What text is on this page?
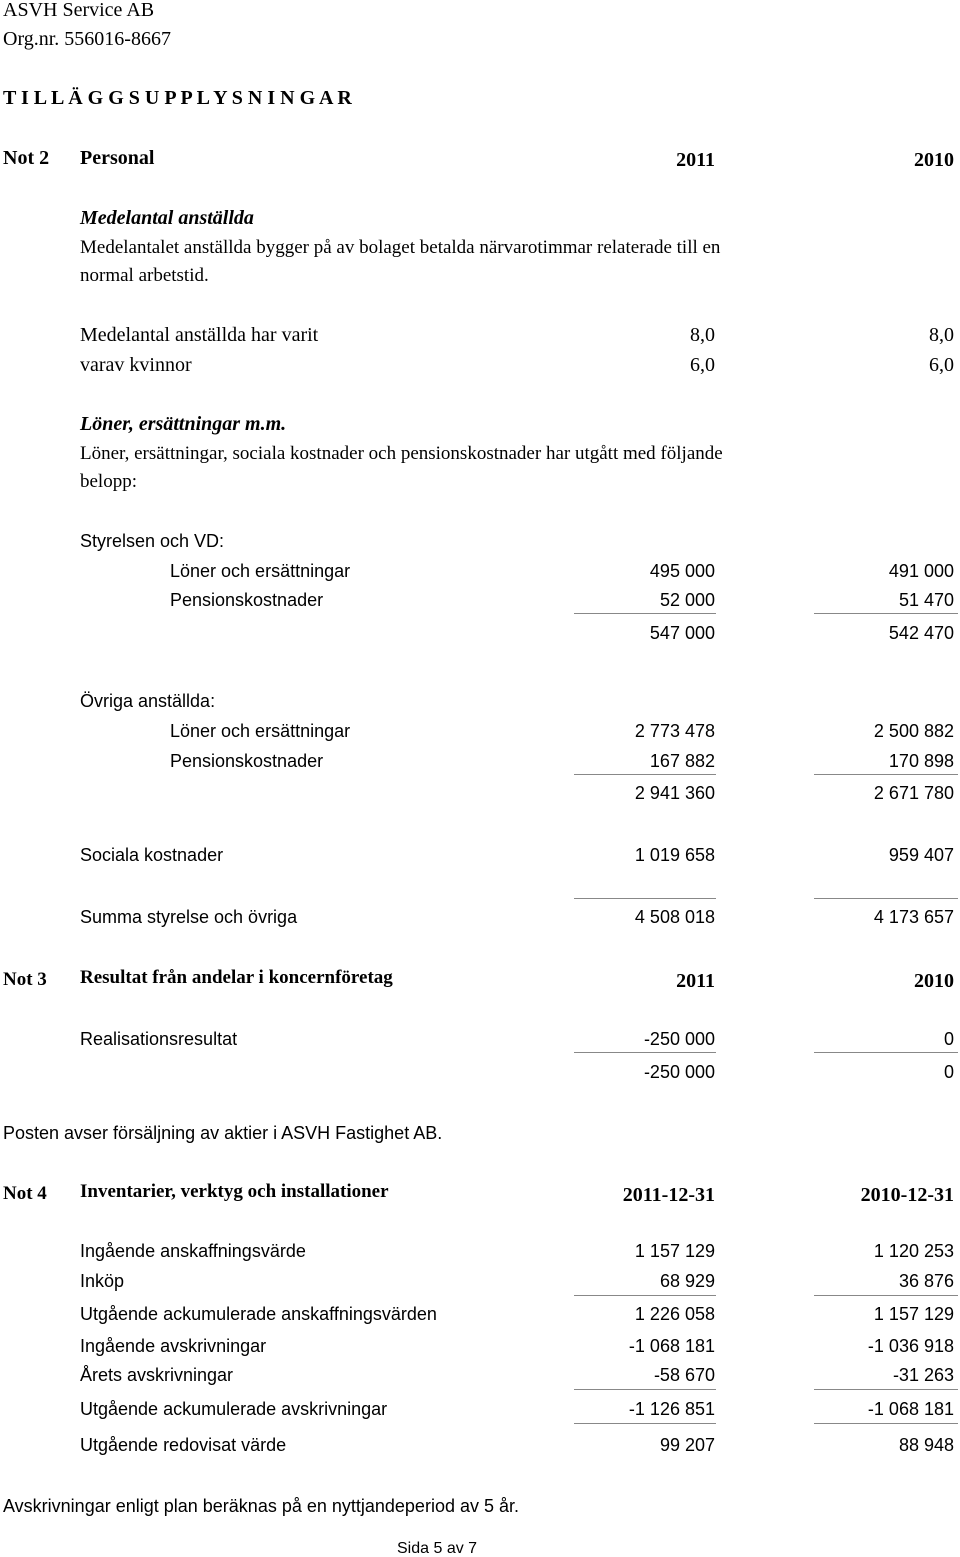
ASVH Service AB
Org.nr. 556016-8667
T I L L Ä G G S U P P L Y S N I N G A R
Not 2 Personal	2011	2010
Medelantal anställda
Medelantalet anställda bygger på av bolaget betalda närvarotimmar relaterade till en
normal arbetstid.
Medelantal anställda har varit	8,0	8,0
varav kvinnor	6,0	6,0
Löner, ersättningar m.m.
Löner, ersättningar, sociala kostnader och pensionskostnader har utgått med följande
belopp:
Styrelsen och VD:
Löner och ersättningar	495 000	491 000
Pensionskostnader	52 000	51 470
547 000	542 470
Övriga anställda:
Löner och ersättningar	2 773 478	2 500 882
Pensionskostnader	167 882	170 898
2 941 360	2 671 780
Sociala kostnader	1 019 658	959 407
Summa styrelse och övriga	4 508 018	4 173 657
Not 3 Resultat från andelar i koncernföretag	2011	2010
Realisationsresultat	-250 000	0
-250 000	0
Posten avser försäljning av aktier i ASVH Fastighet AB.
Not 4 Inventarier, verktyg och installationer	2011-12-31	2010-12-31
Ingående anskaffningsvärde	1 157 129	1 120 253
Inköp	68 929	36 876
Utgående ackumulerade anskaffningsvärden	1 226 058	1 157 129
Ingående avskrivningar	-1 068 181	-1 036 918
Årets avskrivningar	-58 670	-31 263
Utgående ackumulerade avskrivningar	-1 126 851	-1 068 181
Utgående redovisat värde	99 207	88 948
Avskrivningar enligt plan beräknas på en nyttjandeperiod av 5 år.
Sida 5 av 7
